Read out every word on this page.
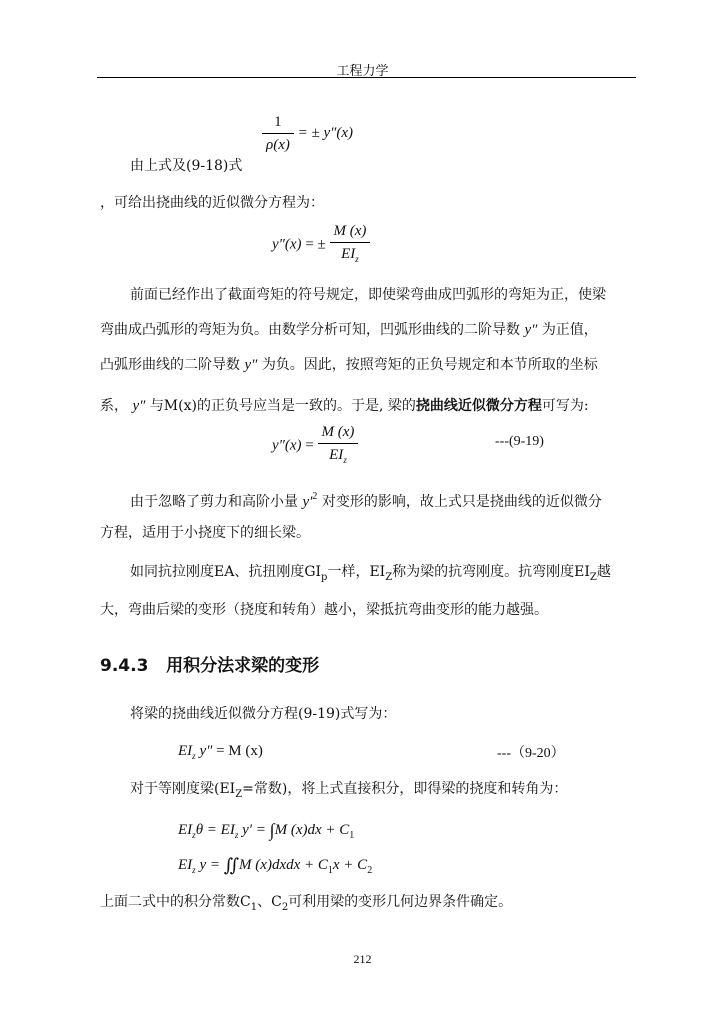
工程力学
$\frac{1}{\rho(x)}$ = ± y″(x)
由上式及(9-18)式
，可给出挠曲线的近似微分方程为：
y″(x) = ± $\frac{M (x)}{EI_z}$
前面已经作出了截面弯矩的符号规定，即使梁弯曲成凹弧形的弯矩为正，使梁
弯曲成凸弧形的弯矩为负。由数学分析可知，凹弧形曲线的二阶导数 y″ 为正值，
凸弧形曲线的二阶导数 y″ 为负。因此，按照弯矩的正负号规定和本节所取的坐标
系， y″ 与M(x)的正负号应当是一致的。于是, 梁的挠曲线近似微分方程可写为:
$y''(x) = \frac{M (x)}{EI_z}$	---(9-19)
由于忽略了剪力和高阶小量 $y'^2$ 对变形的影响，故上式只是挠曲线的近似微分
方程，适用于小挠度下的细长梁。
如同抗拉刚度EA、抗扭刚度$GI_p$一样，$EI_Z$称为梁的抗弯刚度。抗弯刚度$EI_Z$越
大，弯曲后梁的变形（挠度和转角）越小，梁抵抗弯曲变形的能力越强。
9.4.3 用积分法求梁的变形
将梁的挠曲线近似微分方程(9-19)式写为：
$EI_z$ y″ = M (x)	---（9-20）
对于等刚度梁($EI_Z=$常数)，将上式直接积分，即得梁的挠度和转角为：
$EI_z\theta = EI_z$ y′ = ∫M $(x)dx + C_1$
$EI_z$ y = ∬M (x)dxdx + $C_1x + C_2$
上面二式中的积分常数$C_1$、$C_2$可利用梁的变形几何边界条件确定。
212
